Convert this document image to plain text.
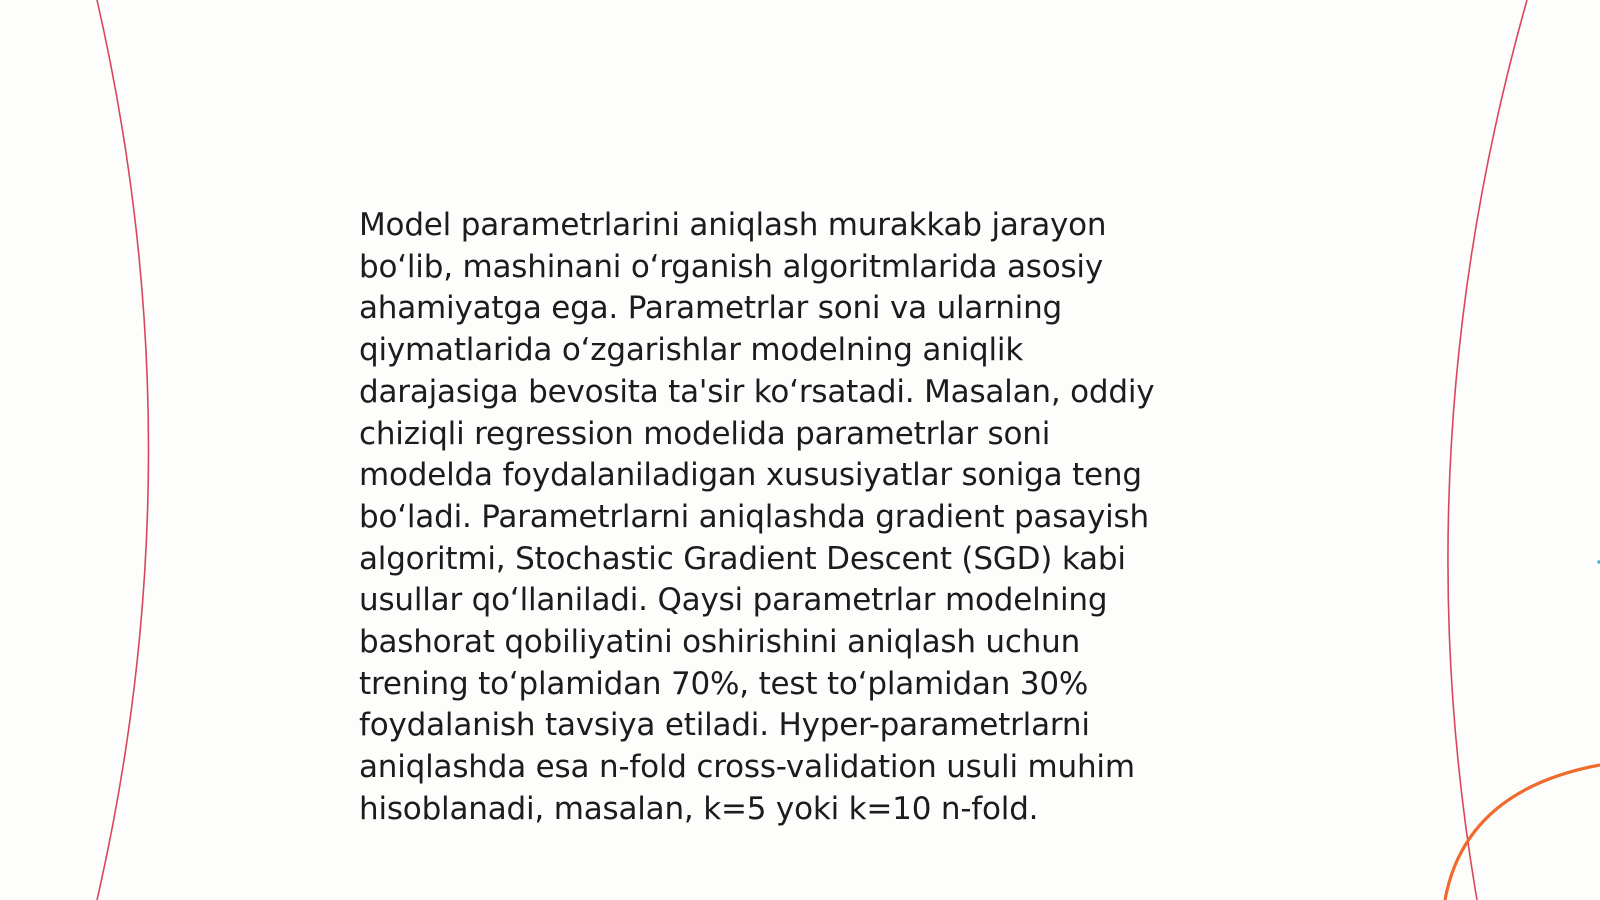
Model parametrlarini aniqlash murakkab jarayon
bo‘lib, mashinani o‘rganish algoritmlarida asosiy
ahamiyatga ega. Parametrlar soni va ularning
qiymatlarida o‘zgarishlar modelning aniqlik
darajasiga bevosita ta'sir ko‘rsatadi. Masalan, oddiy
chiziqli regression modelida parametrlar soni
modelda foydalaniladigan xususiyatlar soniga teng
bo‘ladi. Parametrlarni aniqlashda gradient pasayish
algoritmi, Stochastic Gradient Descent (SGD) kabi
usullar qo‘llaniladi. Qaysi parametrlar modelning
bashorat qobiliyatini oshirishini aniqlash uchun
trening to‘plamidan 70%, test to‘plamidan 30%
foydalanish tavsiya etiladi. Hyper-parametrlarni
aniqlashda esa n-fold cross-validation usuli muhim
hisoblanadi, masalan, k=5 yoki k=10 n-fold.
